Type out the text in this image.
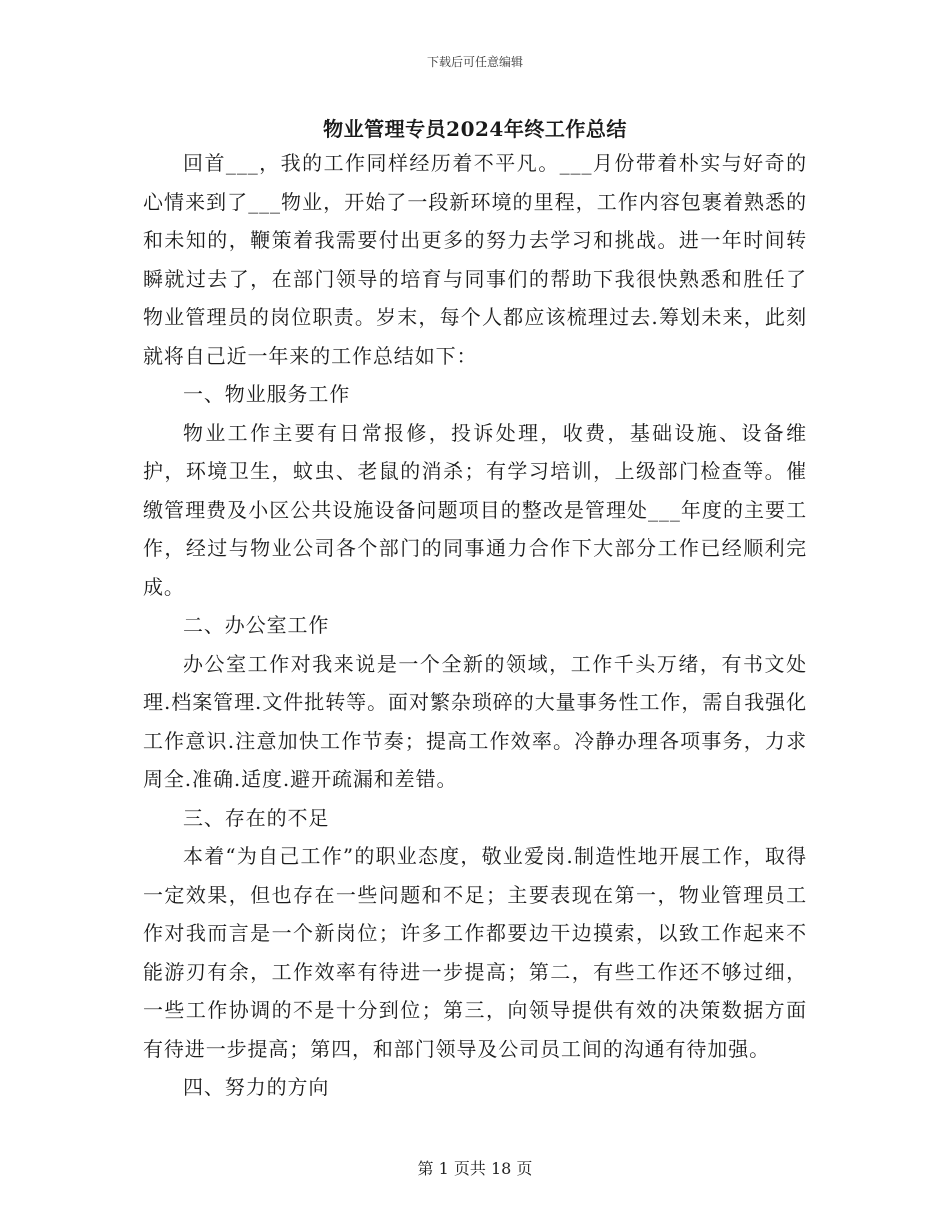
下载后可任意编辑
物业管理专员2024年终工作总结

回首___，我的工作同样经历着不平凡。___月份带着朴实与好奇的心情来到了___物业，开始了一段新环境的里程，工作内容包裹着熟悉的和未知的，鞭策着我需要付出更多的努力去学习和挑战。进一年时间转瞬就过去了，在部门领导的培育与同事们的帮助下我很快熟悉和胜任了物业管理员的岗位职责。岁末，每个人都应该梳理过去.筹划未来，此刻就将自己近一年来的工作总结如下：

一、物业服务工作

物业工作主要有日常报修，投诉处理，收费，基础设施、设备维护，环境卫生，蚊虫、老鼠的消杀；有学习培训，上级部门检查等。催缴管理费及小区公共设施设备问题项目的整改是管理处___年度的主要工作，经过与物业公司各个部门的同事通力合作下大部分工作已经顺利完成。

二、办公室工作

办公室工作对我来说是一个全新的领域，工作千头万绪，有书文处理.档案管理.文件批转等。面对繁杂琐碎的大量事务性工作，需自我强化工作意识.注意加快工作节奏；提高工作效率。冷静办理各项事务，力求周全.准确.适度.避开疏漏和差错。

三、存在的不足

本着“为自己工作”的职业态度，敬业爱岗.制造性地开展工作，取得一定效果，但也存在一些问题和不足；主要表现在第一，物业管理员工作对我而言是一个新岗位；许多工作都要边干边摸索，以致工作起来不能游刃有余，工作效率有待进一步提高；第二，有些工作还不够过细，一些工作协调的不是十分到位；第三，向领导提供有效的决策数据方面有待进一步提高；第四，和部门领导及公司员工间的沟通有待加强。

四、努力的方向

第 1 页共 18 页
